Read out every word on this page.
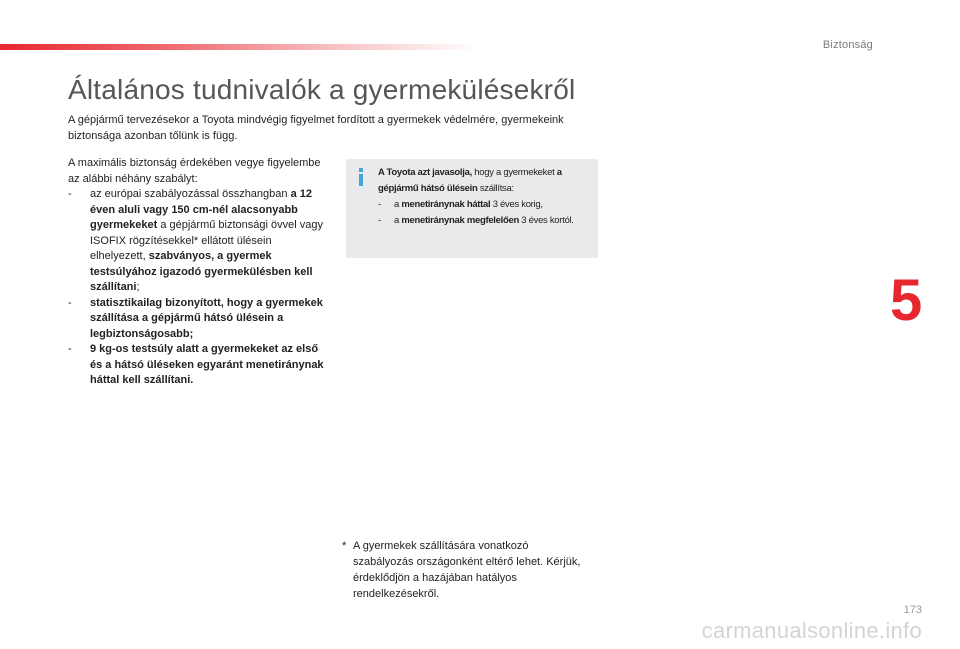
Biztonság
Általános tudnivalók a gyermekülésekről
A gépjármű tervezésekor a Toyota mindvégig figyelmet fordított a gyermekek védelmére, gyermekeink biztonsága azonban tőlünk is függ.

A maximális biztonság érdekében vegye figyelembe az alábbi néhány szabályt:

- az európai szabályozással összhangban a 12 éven aluli vagy 150 cm-nél alacsonyabb gyermekeket a gépjármű biztonsági övvel vagy ISOFIX rögzítésekkel* ellátott ülésein elhelyezett, szabványos, a gyermek testsúlyához igazodó gyermekülésben kell szállítani;
- statisztikailag bizonyított, hogy a gyermekek szállítása a gépjármű hátsó ülésein a legbiztonságosabb;
- 9 kg-os testsúly alatt a gyermekeket az első és a hátsó üléseken egyaránt menetiránynak háttal kell szállítani.

A Toyota azt javasolja, hogy a gyermekeket a gépjármű hátsó ülésein szállítsa:

- a menetiránynak háttal 3 éves korig,
- a menetiránynak megfelelően 3 éves kortól.
* A gyermekek szállítására vonatkozó szabályozás országonként eltérő lehet. Kérjük, érdeklődjön a hazájában hatályos rendelkezésekről.
5
173
carmanualsonline.info
